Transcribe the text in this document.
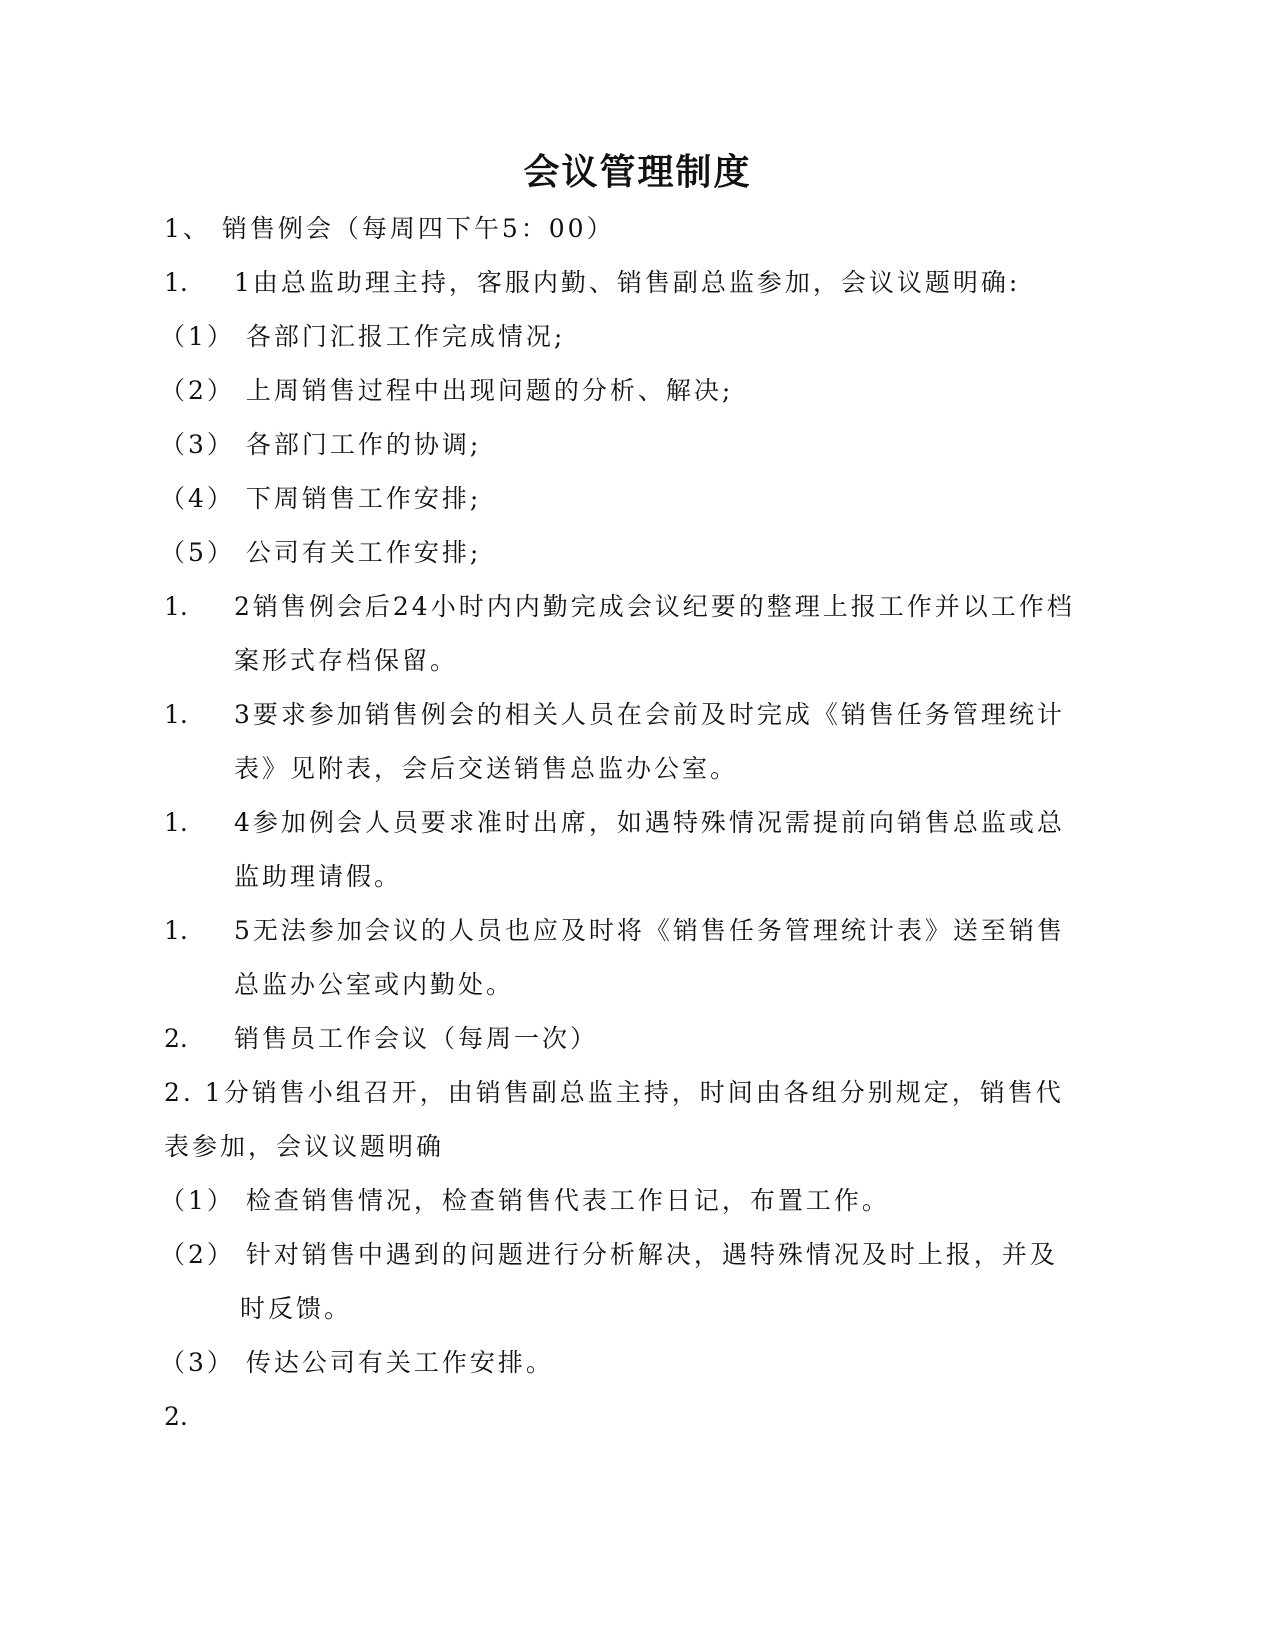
会议管理制度
1、 销售例会（每周四下午5：00）
1. 1由总监助理主持，客服内勤、销售副总监参加，会议议题明确:
（1） 各部门汇报工作完成情况;
（2） 上周销售过程中出现问题的分析、解决;
（3） 各部门工作的协调;
（4） 下周销售工作安排;
（5） 公司有关工作安排;
1. 2销售例会后24小时内内勤完成会议纪要的整理上报工作并以工作档
案形式存档保留。
1. 3要求参加销售例会的相关人员在会前及时完成《销售任务管理统计
表》见附表，会后交送销售总监办公室。
1. 4参加例会人员要求准时出席，如遇特殊情况需提前向销售总监或总
监助理请假。
1. 5无法参加会议的人员也应及时将《销售任务管理统计表》送至销售
总监办公室或内勤处。
2. 销售员工作会议（每周一次）
2. 1分销售小组召开，由销售副总监主持，时间由各组分别规定，销售代
表参加，会议议题明确
（1） 检查销售情况，检查销售代表工作日记，布置工作。
（2） 针对销售中遇到的问题进行分析解决，遇特殊情况及时上报，并及
时反馈。
（3） 传达公司有关工作安排。
2.
